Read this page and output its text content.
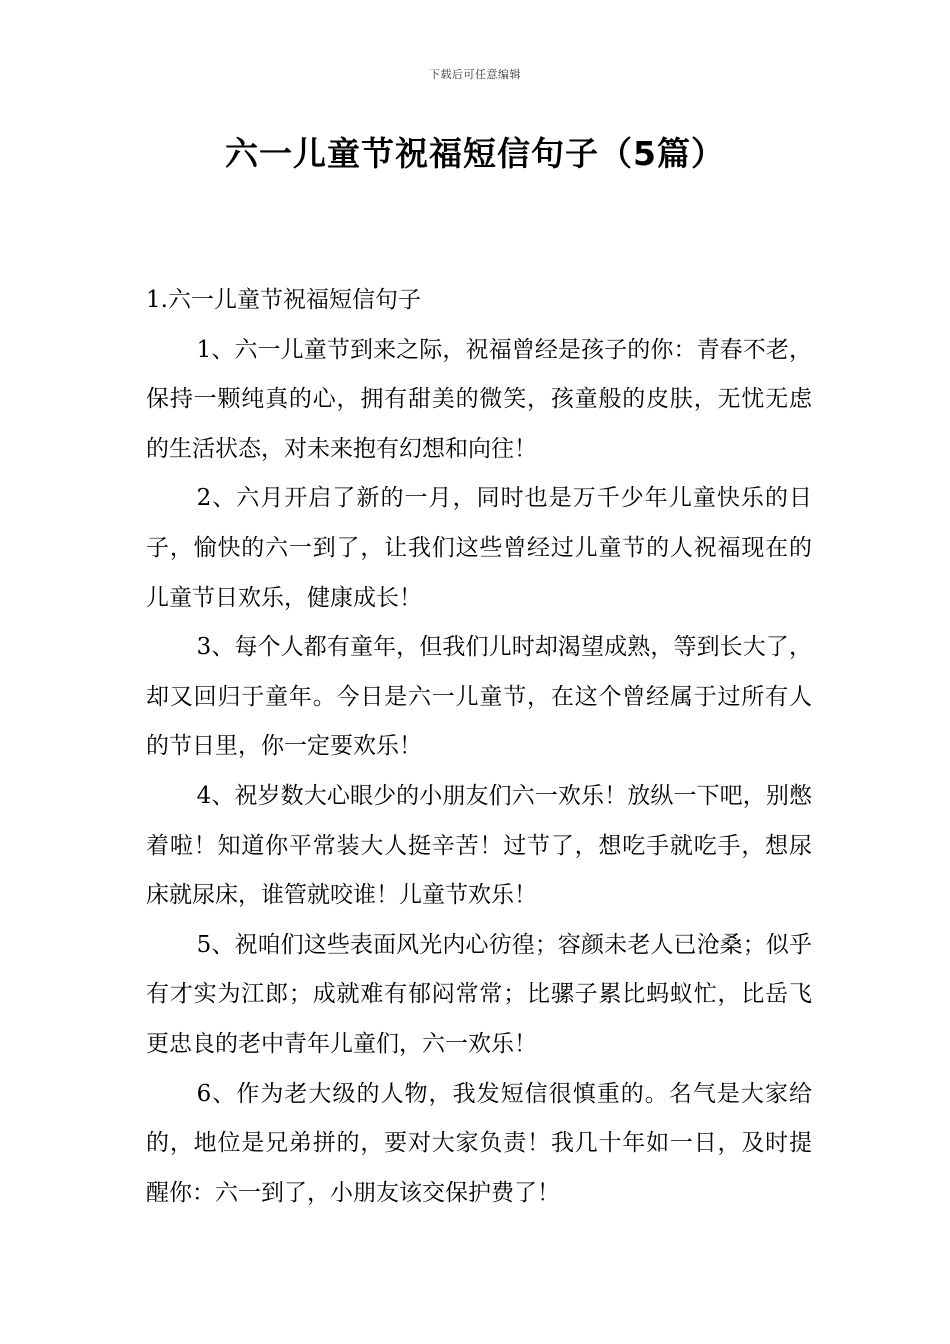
下载后可任意编辑
六一儿童节祝福短信句子（5篇）
1.六一儿童节祝福短信句子

1、六一儿童节到来之际，祝福曾经是孩子的你：青春不老，保持一颗纯真的心，拥有甜美的微笑，孩童般的皮肤，无忧无虑的生活状态，对未来抱有幻想和向往！

2、六月开启了新的一月，同时也是万千少年儿童快乐的日子，愉快的六一到了，让我们这些曾经过儿童节的人祝福现在的儿童节日欢乐，健康成长！

3、每个人都有童年，但我们儿时却渴望成熟，等到长大了，却又回归于童年。今日是六一儿童节，在这个曾经属于过所有人的节日里，你一定要欢乐！

4、祝岁数大心眼少的小朋友们六一欢乐！放纵一下吧，别憋着啦！知道你平常装大人挺辛苦！过节了，想吃手就吃手，想尿床就尿床，谁管就咬谁！儿童节欢乐！

5、祝咱们这些表面风光内心彷徨；容颜未老人已沧桑；似乎有才实为江郎；成就难有郁闷常常；比骡子累比蚂蚁忙，比岳飞更忠良的老中青年儿童们，六一欢乐！

6、作为老大级的人物，我发短信很慎重的。名气是大家给的，地位是兄弟拼的，要对大家负责！我几十年如一日，及时提醒你：六一到了，小朋友该交保护费了！
